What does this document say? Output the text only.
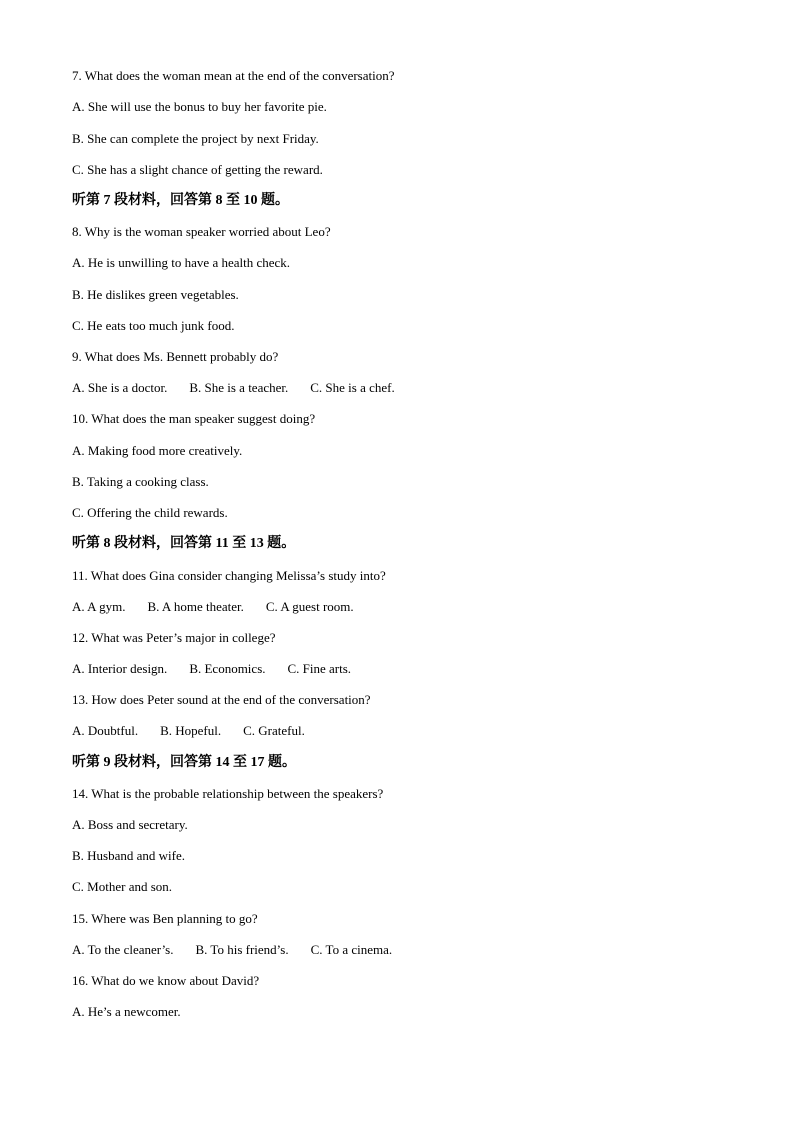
7. What does the woman mean at the end of the conversation?
A. She will use the bonus to buy her favorite pie.
B. She can complete the project by next Friday.
C. She has a slight chance of getting the reward.
听第 7 段材料，回答第 8 至 10 题。
8. Why is the woman speaker worried about Leo?
A. He is unwilling to have a health check.
B. He dislikes green vegetables.
C. He eats too much junk food.
9. What does Ms. Bennett probably do?
A. She is a doctor. B. She is a teacher. C. She is a chef.
10. What does the man speaker suggest doing?
A. Making food more creatively.
B. Taking a cooking class.
C. Offering the child rewards.
听第 8 段材料，回答第 11 至 13 题。
11. What does Gina consider changing Melissa’s study into?
A. A gym. B. A home theater. C. A guest room.
12. What was Peter’s major in college?
A. Interior design. B. Economics. C. Fine arts.
13. How does Peter sound at the end of the conversation?
A. Doubtful. B. Hopeful. C. Grateful.
听第 9 段材料，回答第 14 至 17 题。
14. What is the probable relationship between the speakers?
A. Boss and secretary.
B. Husband and wife.
C. Mother and son.
15. Where was Ben planning to go?
A. To the cleaner’s. B. To his friend’s. C. To a cinema.
16. What do we know about David?
A. He’s a newcomer.
